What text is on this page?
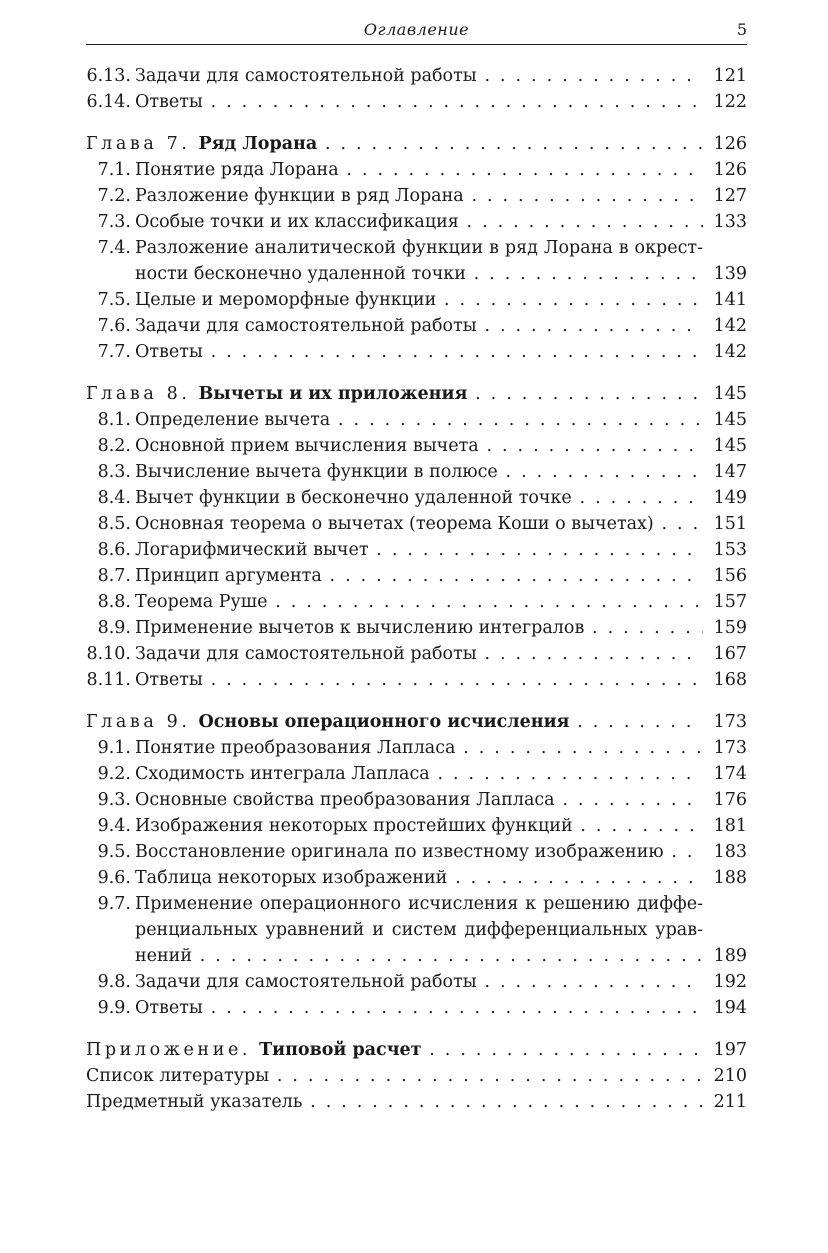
Оглавление	5
6.13. Задачи для самостоятельной работы . . .	121
6.14. Ответы . . .	122
Глава 7. Ряд Лорана . . .	126
7.1. Понятие ряда Лорана . . .	126
7.2. Разложение функции в ряд Лорана . . .	127
7.3. Особые точки и их классификация . . .	133
7.4. Разложение аналитической функции в ряд Лорана в окрест-
ности бесконечно удаленной точки . . .	139
7.5. Целые и мероморфные функции . . .	141
7.6. Задачи для самостоятельной работы . . .	142
7.7. Ответы . . .	142
Глава 8. Вычеты и их приложения . . .	145
8.1. Определение вычета . . .	145
8.2. Основной прием вычисления вычета . . .	145
8.3. Вычисление вычета функции в полюсе . . .	147
8.4. Вычет функции в бесконечно удаленной точке . . .	149
8.5. Основная теорема о вычетах (теорема Коши о вычетах) . . .	151
8.6. Логарифмический вычет . . .	153
8.7. Принцип аргумента . . .	156
8.8. Теорема Руше . . .	157
8.9. Применение вычетов к вычислению интегралов . . .	159
8.10. Задачи для самостоятельной работы . . .	167
8.11. Ответы . . .	168
Глава 9. Основы операционного исчисления . . .	173
9.1. Понятие преобразования Лапласа . . .	173
9.2. Сходимость интеграла Лапласа . . .	174
9.3. Основные свойства преобразования Лапласа . . .	176
9.4. Изображения некоторых простейших функций . . .	181
9.5. Восстановление оригинала по известному изображению . . .	183
9.6. Таблица некоторых изображений . . .	188
9.7. Применение операционного исчисления к решению диффе-
ренциальных уравнений и систем дифференциальных урав-
нений . . .	189
9.8. Задачи для самостоятельной работы . . .	192
9.9. Ответы . . .	194
Приложение. Типовой расчет . . .	197
Список литературы . . .	210
Предметный указатель . . .	211
